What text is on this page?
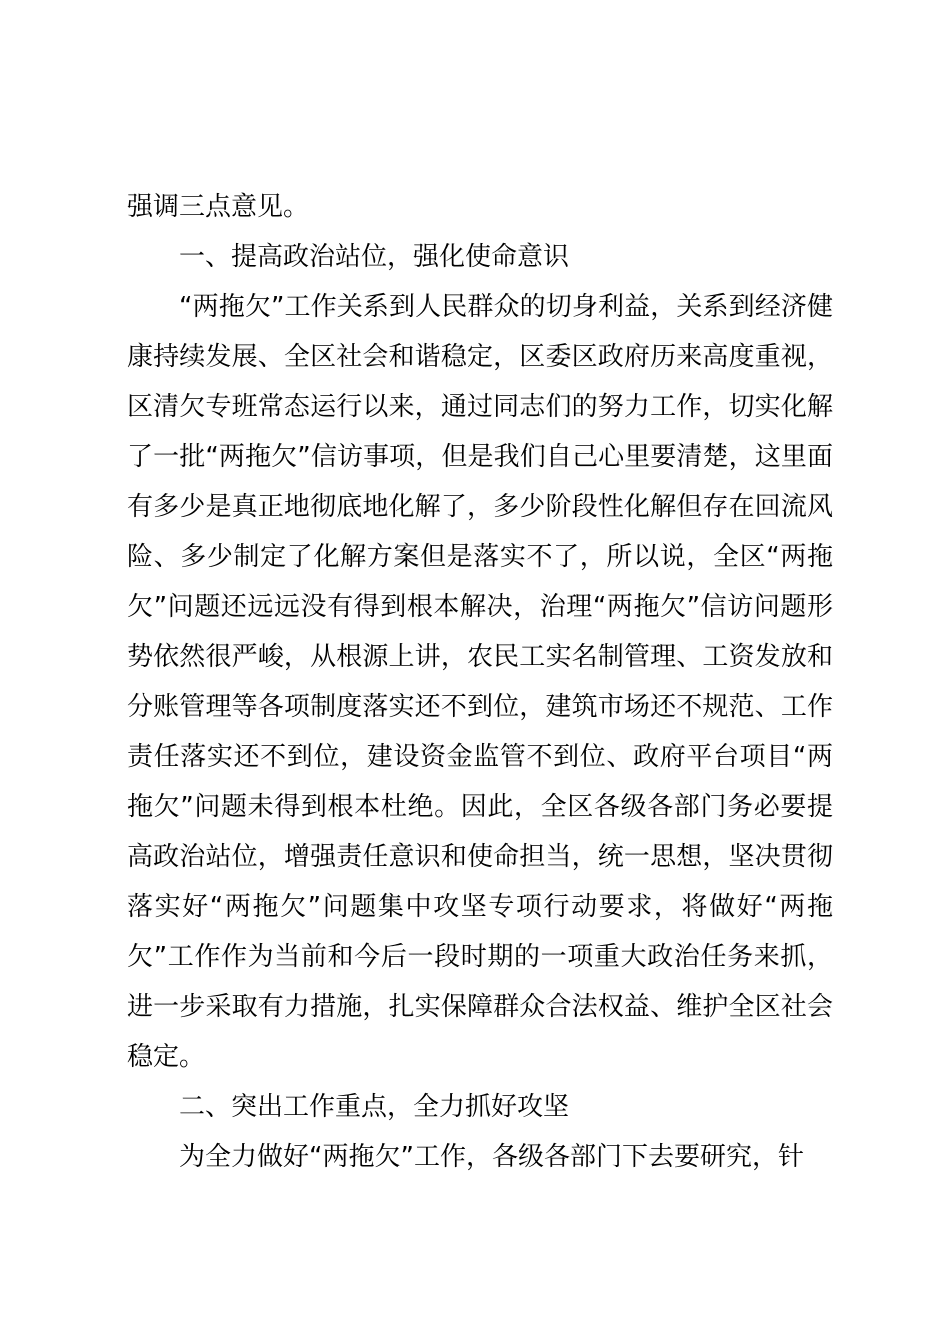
强调三点意见。

一、提高政治站位，强化使命意识

“两拖欠”工作关系到人民群众的切身利益，关系到经济健康持续发展、全区社会和谐稳定，区委区政府历来高度重视，区清欠专班常态运行以来，通过同志们的努力工作，切实化解了一批“两拖欠”信访事项，但是我们自己心里要清楚，这里面有多少是真正地彻底地化解了，多少阶段性化解但存在回流风险、多少制定了化解方案但是落实不了，所以说，全区“两拖欠”问题还远远没有得到根本解决，治理“两拖欠”信访问题形势依然很严峻，从根源上讲，农民工实名制管理、工资发放和分账管理等各项制度落实还不到位，建筑市场还不规范、工作责任落实还不到位，建设资金监管不到位、政府平台项目“两拖欠”问题未得到根本杜绝。因此，全区各级各部门务必要提高政治站位，增强责任意识和使命担当，统一思想，坚决贯彻落实好“两拖欠”问题集中攻坚专项行动要求，将做好“两拖欠”工作作为当前和今后一段时期的一项重大政治任务来抓，进一步采取有力措施，扎实保障群众合法权益、维护全区社会稳定。

二、突出工作重点，全力抓好攻坚

为全力做好“两拖欠”工作，各级各部门下去要研究，针
